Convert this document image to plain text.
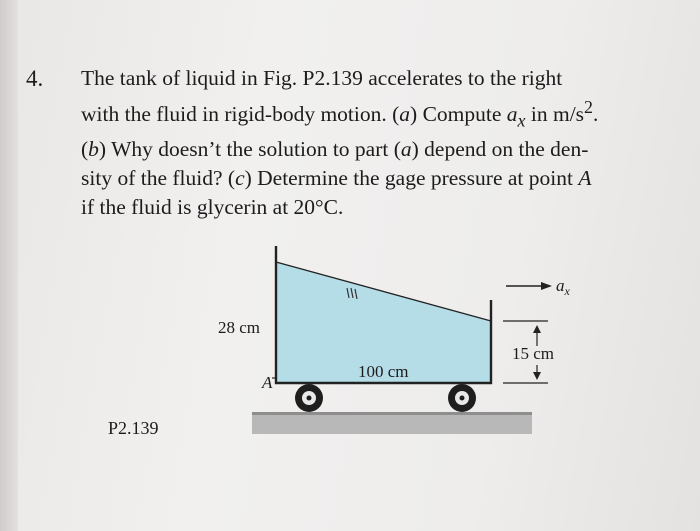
4. The tank of liquid in Fig. P2.139 accelerates to the right
with the fluid in rigid-body motion. (a) Compute $a_x$ in $m/s^2$.
(b) Why doesn’t the solution to part (a) depend on the den-
sity of the fluid? (c) Determine the gage pressure at point A
if the fluid is glycerin at 20°C.
P2.139
28 cm
100 cm
A
$a_x$
15 cm
